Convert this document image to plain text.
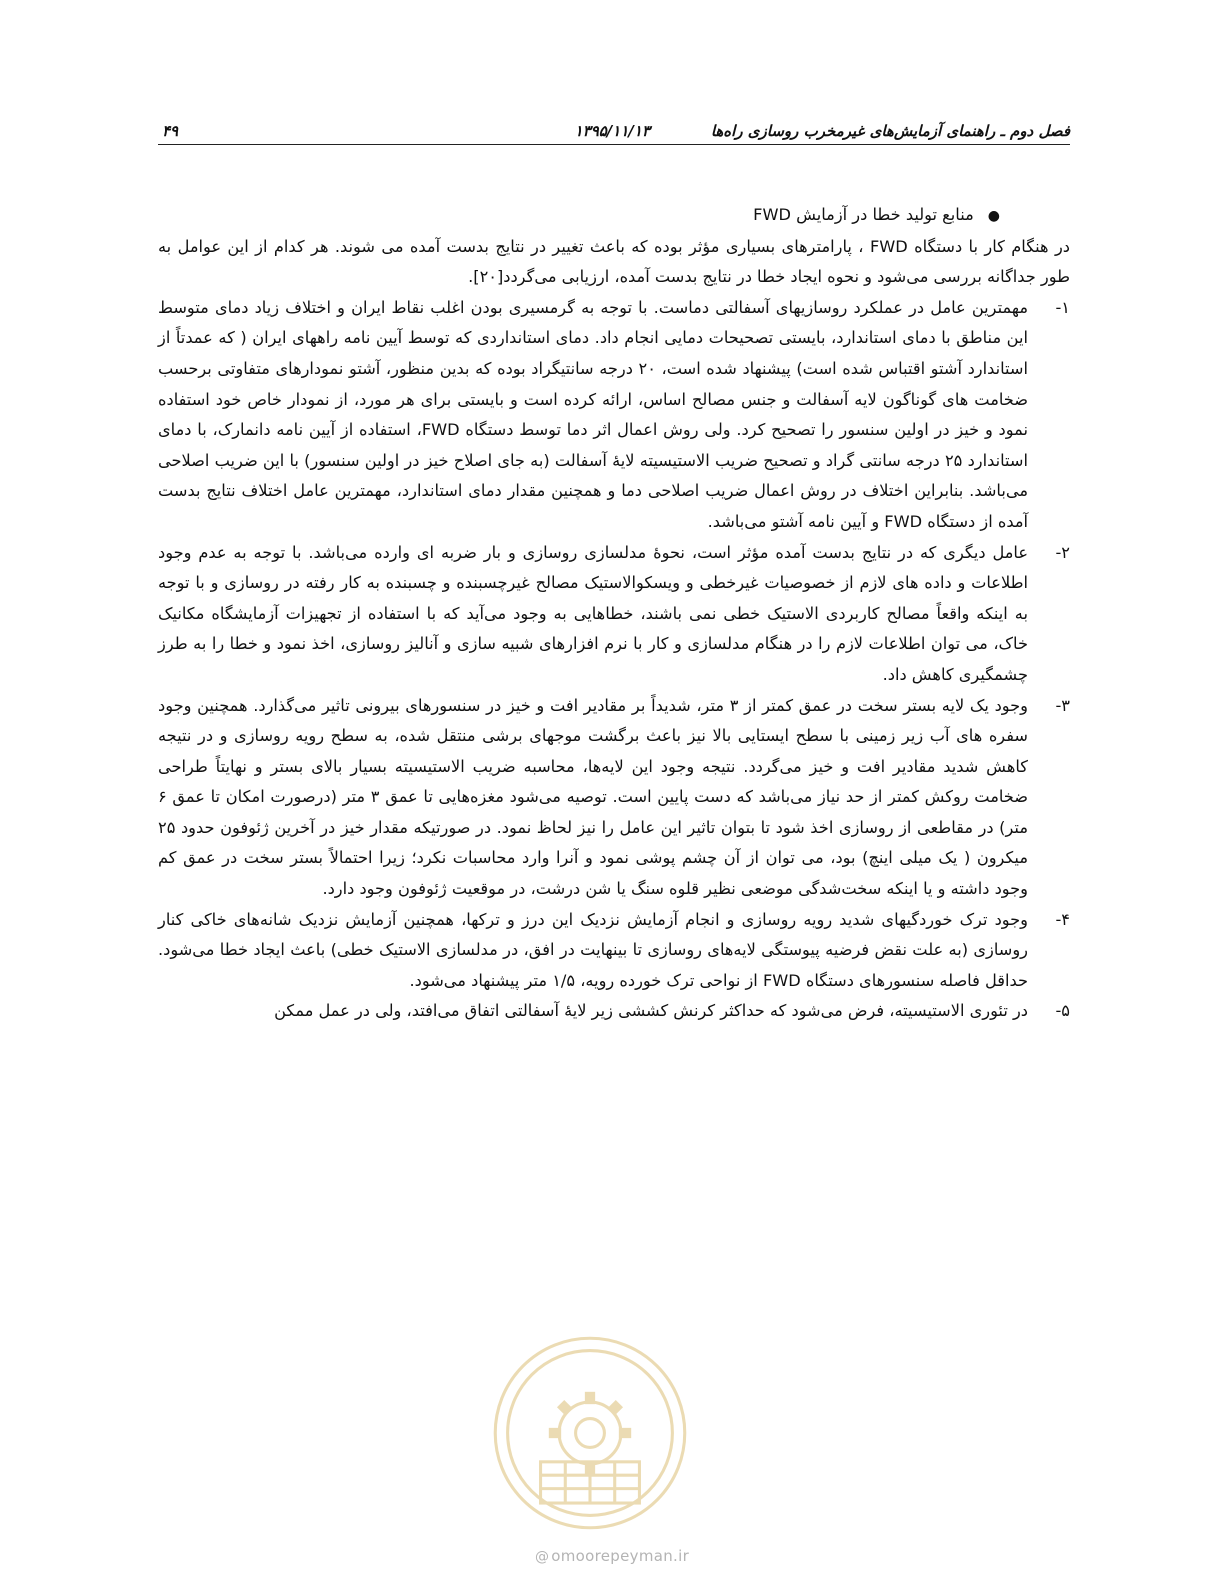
فصل دوم ـ راهنمای آزمایش‌های غیرمخرب روسازی راه‌ها
۱۳۹۵/۱۱/۱۳
۴۹

●منابع تولید خطا در آزمایش FWD

در هنگام کار با دستگاه FWD ، پارامترهای بسیاری مؤثر بوده که باعث تغییر در نتایج بدست آمده می شوند. هر کدام از این عوامل به طور جداگانه بررسی می‌شود و نحوه ایجاد خطا در نتایج بدست آمده، ارزیابی می‌گردد[۲۰].

۱-
مهمترین عامل در عملکرد روسازیهای آسفالتی دماست. با توجه به گرمسیری بودن اغلب نقاط ایران و اختلاف زیاد دمای متوسط این مناطق با دمای استاندارد، بایستی تصحیحات دمایی انجام داد. دمای استانداردی که توسط آیین نامه راههای ایران ( که عمدتاً از استاندارد آشتو اقتباس شده است) پیشنهاد شده است، ۲۰ درجه سانتیگراد بوده که بدین منظور، آشتو نمودارهای متفاوتی برحسب ضخامت های گوناگون لایه آسفالت و جنس مصالح اساس، ارائه کرده است و بایستی برای هر مورد، از نمودار خاص خود استفاده نمود و خیز در اولین سنسور را تصحیح کرد. ولی روش اعمال اثر دما توسط دستگاه FWD، استفاده از آیین نامه دانمارک، با دمای استاندارد ۲۵ درجه سانتی گراد و تصحیح ضریب الاستیسیته لایهٔ آسفالت (به جای اصلاح خیز در اولین سنسور) با این ضریب اصلاحی می‌باشد. بنابراین اختلاف در روش اعمال ضریب اصلاحی دما و همچنین مقدار دمای استاندارد، مهمترین عامل اختلاف نتایج بدست آمده از دستگاه FWD و آیین نامه آشتو می‌باشد.
۲-
عامل دیگری که در نتایج بدست آمده مؤثر است، نحوهٔ مدلسازی روسازی و بار ضربه ای وارده می‌باشد. با توجه به عدم وجود اطلاعات و داده های لازم از خصوصیات غیرخطی و ویسکوالاستیک مصالح غیرچسبنده و چسبنده به کار رفته در روسازی و با توجه به اینکه واقعاً مصالح کاربردی الاستیک خطی نمی باشند، خطاهایی به وجود می‌آید که با استفاده از تجهیزات آزمایشگاه مکانیک خاک، می توان اطلاعات لازم را در هنگام مدلسازی و کار با نرم افزارهای شبیه سازی و آنالیز روسازی، اخذ نمود و خطا را به طرز چشمگیری کاهش داد.
۳-
وجود یک لایه بستر سخت در عمق کمتر از ۳ متر، شدیداً بر مقادیر افت و خیز در سنسورهای بیرونی تاثیر می‌گذارد. همچنین وجود سفره های آب زیر زمینی با سطح ایستایی بالا نیز باعث برگشت موجهای برشی منتقل شده، به سطح رویه روسازی و در نتیجه کاهش شدید مقادیر افت و خیز می‌گردد. نتیجه وجود این لایه‌ها، محاسبه ضریب الاستیسیته بسیار بالای بستر و نهایتاً طراحی ضخامت روکش کمتر از حد نیاز می‌باشد که دست پایین است. توصیه می‌شود مغزه‌هایی تا عمق ۳ متر (درصورت امکان تا عمق ۶ متر) در مقاطعی از روسازی اخذ شود تا بتوان تاثیر این عامل را نیز لحاظ نمود. در صورتیکه مقدار خیز در آخرین ژئوفون حدود ۲۵ میکرون ( یک میلی اینچ) بود، می توان از آن چشم پوشی نمود و آنرا وارد محاسبات نکرد؛ زیرا احتمالاً بستر سخت در عمق کم وجود داشته و یا اینکه سخت‌شدگی موضعی نظیر قلوه سنگ یا شن درشت، در موقعیت ژئوفون وجود دارد.
۴-
وجود ترک خوردگیهای شدید رویه روسازی و انجام آزمایش نزدیک این درز و ترکها، همچنین آزمایش نزدیک شانه‌های خاکی کنار روسازی (به علت نقض فرضیه پیوستگی لایه‌های روسازی تا بینهایت در افق، در مدلسازی الاستیک خطی) باعث ایجاد خطا می‌شود. حداقل فاصله سنسورهای دستگاه FWD از نواحی ترک خورده رویه، ۱/۵ متر پیشنهاد می‌شود.
۵-
در تئوری الاستیسیته، فرض می‌شود که حداکثر کرنش کششی زیر لایهٔ آسفالتی اتفاق می‌افتد، ولی در عمل ممکن
@ omoorepeyman.ir
